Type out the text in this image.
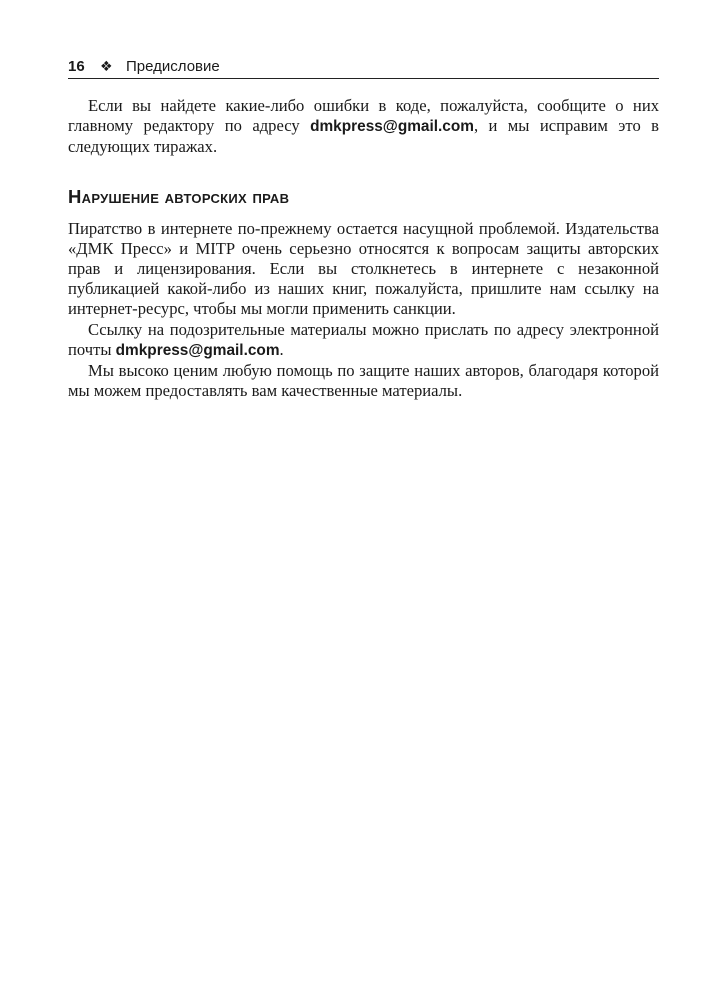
16 ❖ Предисловие

Если вы найдете какие-либо ошибки в коде, пожалуйста, сообщите о них главному редактору по адресу dmkpress@gmail.com, и мы исправим это в следующих тиражах.

Нарушение авторских прав

Пиратство в интернете по-прежнему остается насущной проблемой. Издательства «ДМК Пресс» и MITP очень серьезно относятся к вопросам защиты авторских прав и лицензирования. Если вы столкнетесь в интернете с незаконной публикацией какой-либо из наших книг, пожалуйста, пришлите нам ссылку на интернет-ресурс, чтобы мы могли применить санкции.

Ссылку на подозрительные материалы можно прислать по адресу электронной почты dmkpress@gmail.com.

Мы высоко ценим любую помощь по защите наших авторов, благодаря которой мы можем предоставлять вам качественные материалы.
